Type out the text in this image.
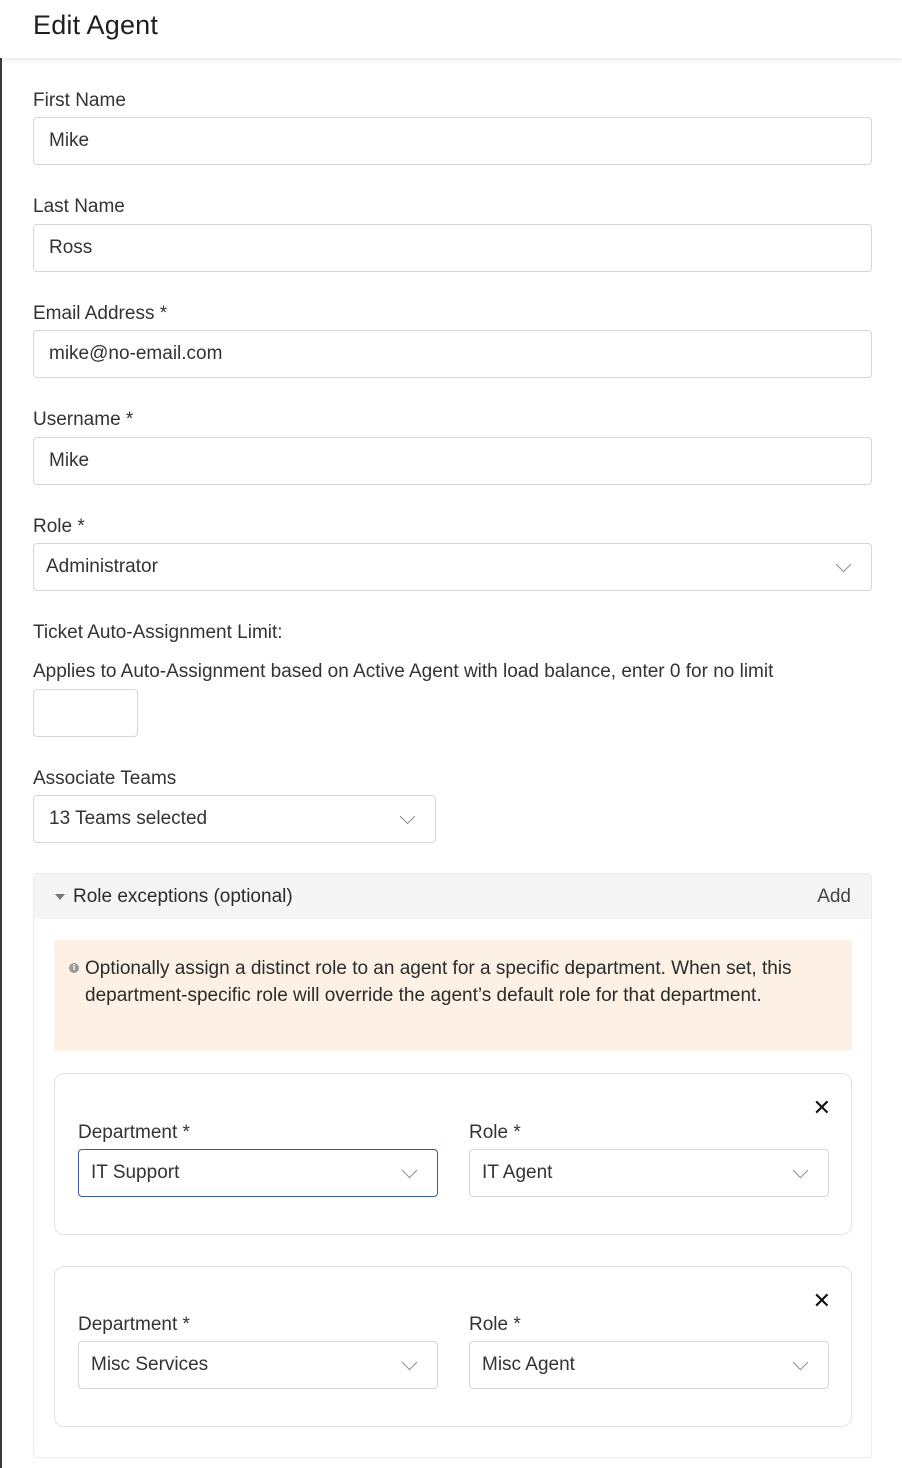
Edit Agent
First Name
Mike
Last Name
Ross
Email Address *
mike@no-email.com
Username *
Mike
Role *
Administrator
Ticket Auto-Assignment Limit:
Applies to Auto-Assignment based on Active Agent with load balance, enter 0 for no limit
Associate Teams
13 Teams selected
Role exceptions (optional)	Add
i Optionally assign a distinct role to an agent for a specific department. When set, this department-specific role will override the agent’s default role for that department.
✕
Department *
IT Support
Role *
IT Agent
✕
Department *
Misc Services
Role *
Misc Agent
